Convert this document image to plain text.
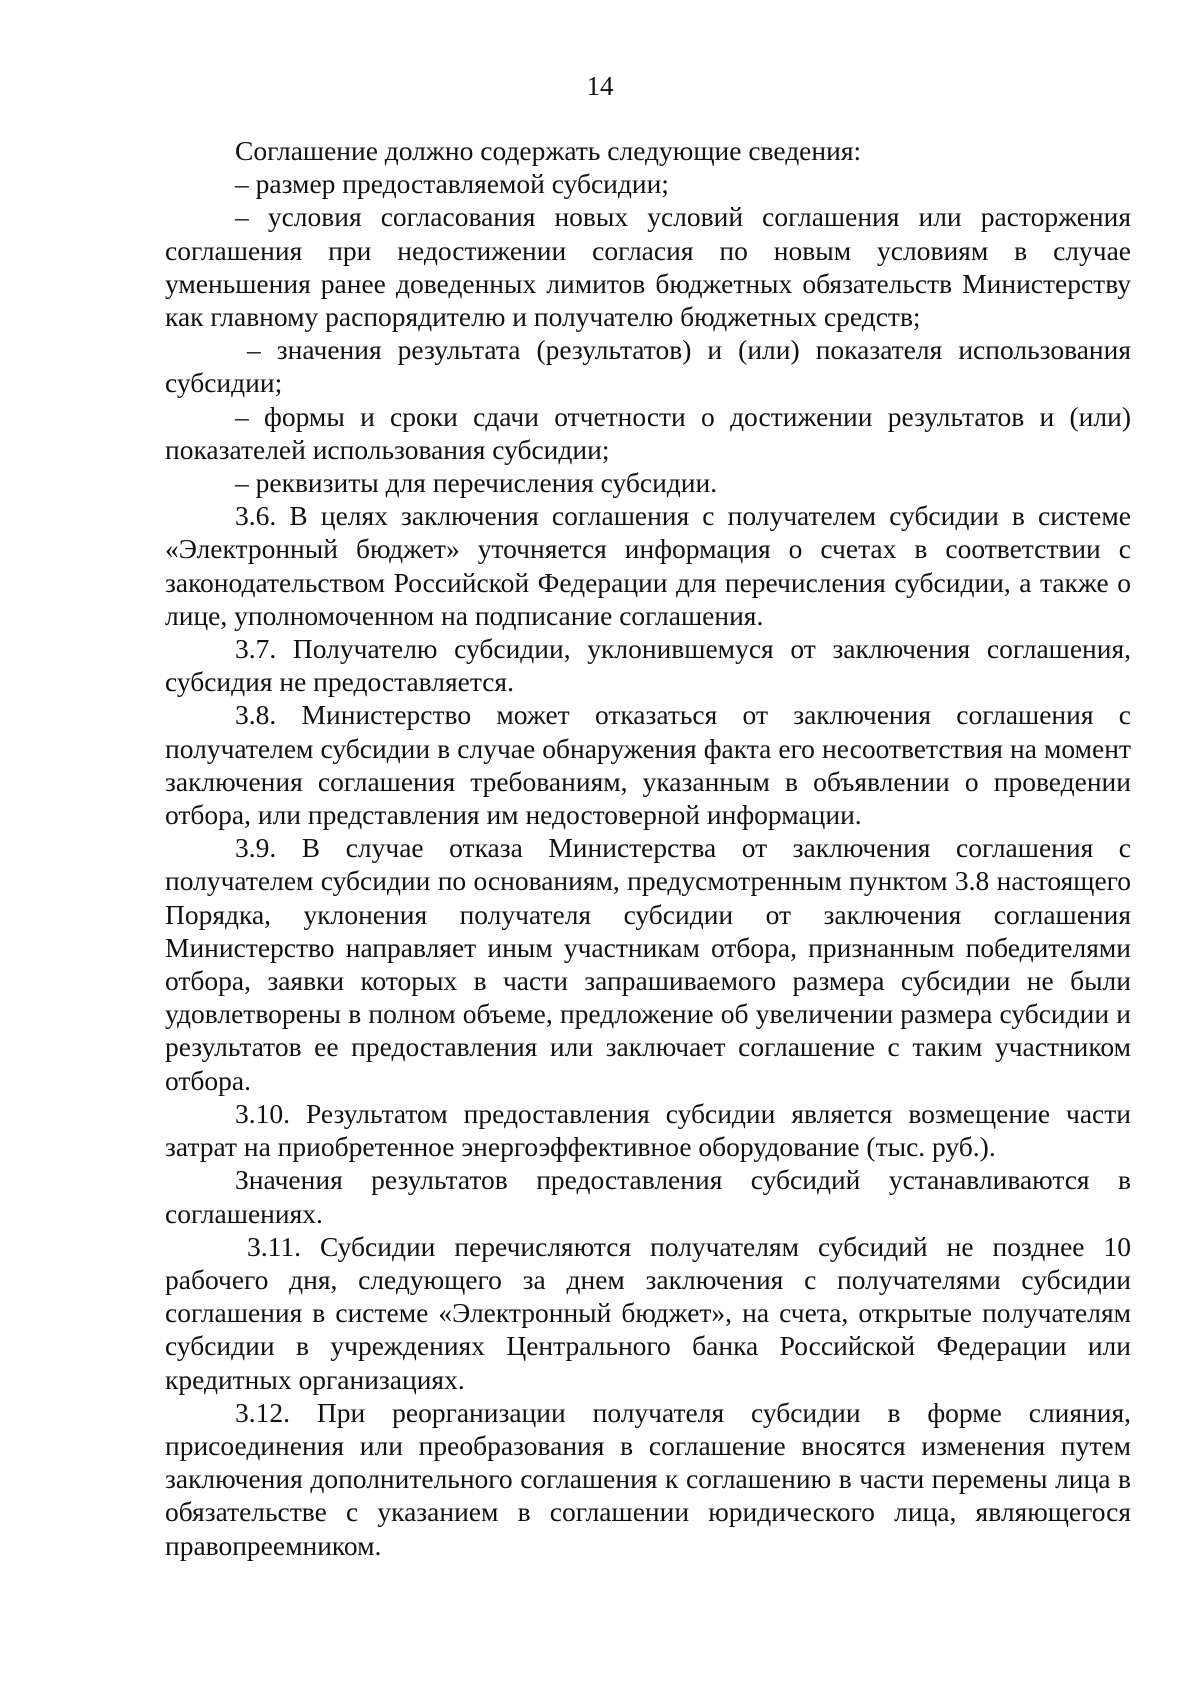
14

Соглашение должно содержать следующие сведения:

– размер предоставляемой субсидии;

– условия согласования новых условий соглашения или расторжения соглашения при недостижении согласия по новым условиям в случае уменьшения ранее доведенных лимитов бюджетных обязательств Министерству как главному распорядителю и получателю бюджетных средств;

– значения результата (результатов) и (или) показателя использования субсидии;

– формы и сроки сдачи отчетности о достижении результатов и (или) показателей использования субсидии;

– реквизиты для перечисления субсидии.

3.6. В целях заключения соглашения с получателем субсидии в системе «Электронный бюджет» уточняется информация о счетах в соответствии с законодательством Российской Федерации для перечисления субсидии, а также о лице, уполномоченном на подписание соглашения.

3.7. Получателю субсидии, уклонившемуся от заключения соглашения, субсидия не предоставляется.

3.8. Министерство может отказаться от заключения соглашения с получателем субсидии в случае обнаружения факта его несоответствия на момент заключения соглашения требованиям, указанным в объявлении о проведении отбора, или представления им недостоверной информации.

3.9. В случае отказа Министерства от заключения соглашения с получателем субсидии по основаниям, предусмотренным пунктом 3.8 настоящего Порядка, уклонения получателя субсидии от заключения соглашения Министерство направляет иным участникам отбора, признанным победителями отбора, заявки которых в части запрашиваемого размера субсидии не были удовлетворены в полном объеме, предложение об увеличении размера субсидии и результатов ее предоставления или заключает соглашение с таким участником отбора.

3.10. Результатом предоставления субсидии является возмещение части затрат на приобретенное энергоэффективное оборудование (тыс. руб.).

Значения результатов предоставления субсидий устанавливаются в соглашениях.

3.11. Субсидии перечисляются получателям субсидий не позднее 10 рабочего дня, следующего за днем заключения с получателями субсидии соглашения в системе «Электронный бюджет», на счета, открытые получателям субсидии в учреждениях Центрального банка Российской Федерации или кредитных организациях.

3.12. При реорганизации получателя субсидии в форме слияния, присоединения или преобразования в соглашение вносятся изменения путем заключения дополнительного соглашения к соглашению в части перемены лица в обязательстве с указанием в соглашении юридического лица, являющегося правопреемником.
